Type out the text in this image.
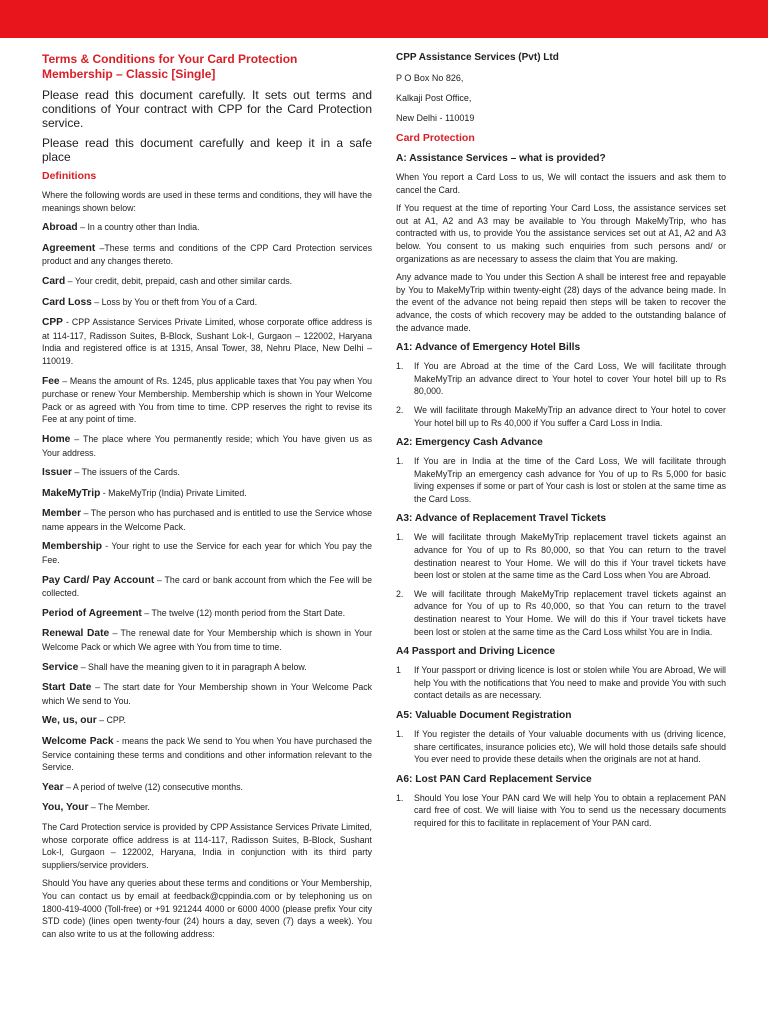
Terms & Conditions for Your Card Protection
Membership – Classic [Single]

Please read this document carefully. It sets out terms and conditions of Your contract with CPP for the Card Protection service.

Please read this document carefully and keep it in a safe place

Definitions

Where the following words are used in these terms and conditions, they will have the meanings shown below:

Abroad – In a country other than India.

Agreement –These terms and conditions of the CPP Card Protection services product and any changes thereto.

Card – Your credit, debit, prepaid, cash and other similar cards.

Card Loss – Loss by You or theft from You of a Card.

CPP - CPP Assistance Services Private Limited, whose corporate office address is at 114-117, Radisson Suites, B-Block, Sushant Lok-I, Gurgaon – 122002, Haryana India and registered office is at 1315, Ansal Tower, 38, Nehru Place, New Delhi – 110019.

Fee – Means the amount of Rs. 1245, plus applicable taxes that You pay when You purchase or renew Your Membership. Membership which is shown in Your Welcome Pack or as agreed with You from time to time. CPP reserves the right to revise its Fee at any point of time.

Home – The place where You permanently reside; which You have given us as Your address.

Issuer – The issuers of the Cards.

MakeMyTrip - MakeMyTrip (India) Private Limited.

Member – The person who has purchased and is entitled to use the Service whose name appears in the Welcome Pack.

Membership - Your right to use the Service for each year for which You pay the Fee.

Pay Card/ Pay Account – The card or bank account from which the Fee will be collected.

Period of Agreement – The twelve (12) month period from the Start Date.

Renewal Date – The renewal date for Your Membership which is shown in Your Welcome Pack or which We agree with You from time to time.

Service – Shall have the meaning given to it in paragraph A below.

Start Date – The start date for Your Membership shown in Your Welcome Pack which We send to You.

We, us, our – CPP.

Welcome Pack - means the pack We send to You when You have purchased the Service containing these terms and conditions and other information relevant to the Service.

Year – A period of twelve (12) consecutive months.

You, Your – The Member.

The Card Protection service is provided by CPP Assistance Services Private Limited, whose corporate office address is at 114-117, Radisson Suites, B-Block, Sushant Lok-I, Gurgaon – 122002, Haryana, India in conjunction with its third party suppliers/service providers.

Should You have any queries about these terms and conditions or Your Membership, You can contact us by email at feedback@cppindia.com or by telephoning us on 1800-419-4000 (Toll-free) or +91 921244 4000 or 6000 4000 (please prefix Your city STD code) (lines open twenty-four (24) hours a day, seven (7) days a week). You can also write to us at the following address:

CPP Assistance Services (Pvt) Ltd
P O Box No 826,
Kalkaji Post Office,
New Delhi - 110019
Card Protection
A: Assistance Services – what is provided?

When You report a Card Loss to us, We will contact the issuers and ask them to cancel the Card.

If You request at the time of reporting Your Card Loss, the assistance services set out at A1, A2 and A3 may be available to You through MakeMyTrip, who has contracted with us, to provide You the assistance services set out at A1, A2 and A3 below. You consent to us making such enquiries from such persons and/ or organizations as are necessary to assess the claim that You are making.

Any advance made to You under this Section A shall be interest free and repayable by You to MakeMyTrip within twenty-eight (28) days of the advance being made. In the event of the advance not being repaid then steps will be taken to recover the advance, the costs of which recovery may be added to the outstanding balance of the advance made.

A1: Advance of Emergency Hotel Bills
1. If You are Abroad at the time of the Card Loss, We will facilitate through MakeMyTrip an advance direct to Your hotel to cover Your hotel bill up to Rs 80,000.
2. We will facilitate through MakeMyTrip an advance direct to Your hotel to cover Your hotel bill up to Rs 40,000 if You suffer a Card Loss in India.
A2: Emergency Cash Advance
1. If You are in India at the time of the Card Loss, We will facilitate through MakeMyTrip an emergency cash advance for You of up to Rs 5,000 for basic living expenses if some or part of Your cash is lost or stolen at the same time as the Card Loss.
A3: Advance of Replacement Travel Tickets
1. We will facilitate through MakeMyTrip replacement travel tickets against an advance for You of up to Rs 80,000, so that You can return to the travel destination nearest to Your Home. We will do this if Your travel tickets have been lost or stolen at the same time as the Card Loss when You are Abroad.
2. We will facilitate through MakeMyTrip replacement travel tickets against an advance for You of up to Rs 40,000, so that You can return to the travel destination nearest to Your Home. We will do this if Your travel tickets have been lost or stolen at the same time as the Card Loss whilst You are in India.
A4 Passport and Driving Licence
1 If Your passport or driving licence is lost or stolen while You are Abroad, We will help You with the notifications that You need to make and provide You with such contact details as are necessary.
A5: Valuable Document Registration
1. If You register the details of Your valuable documents with us (driving licence, share certificates, insurance policies etc), We will hold those details safe should You ever need to provide these details when the originals are not at hand.
A6: Lost PAN Card Replacement Service
1. Should You lose Your PAN card We will help You to obtain a replacement PAN card free of cost. We will liaise with You to send us the necessary documents required for this to facilitate in replacement of Your PAN card.
